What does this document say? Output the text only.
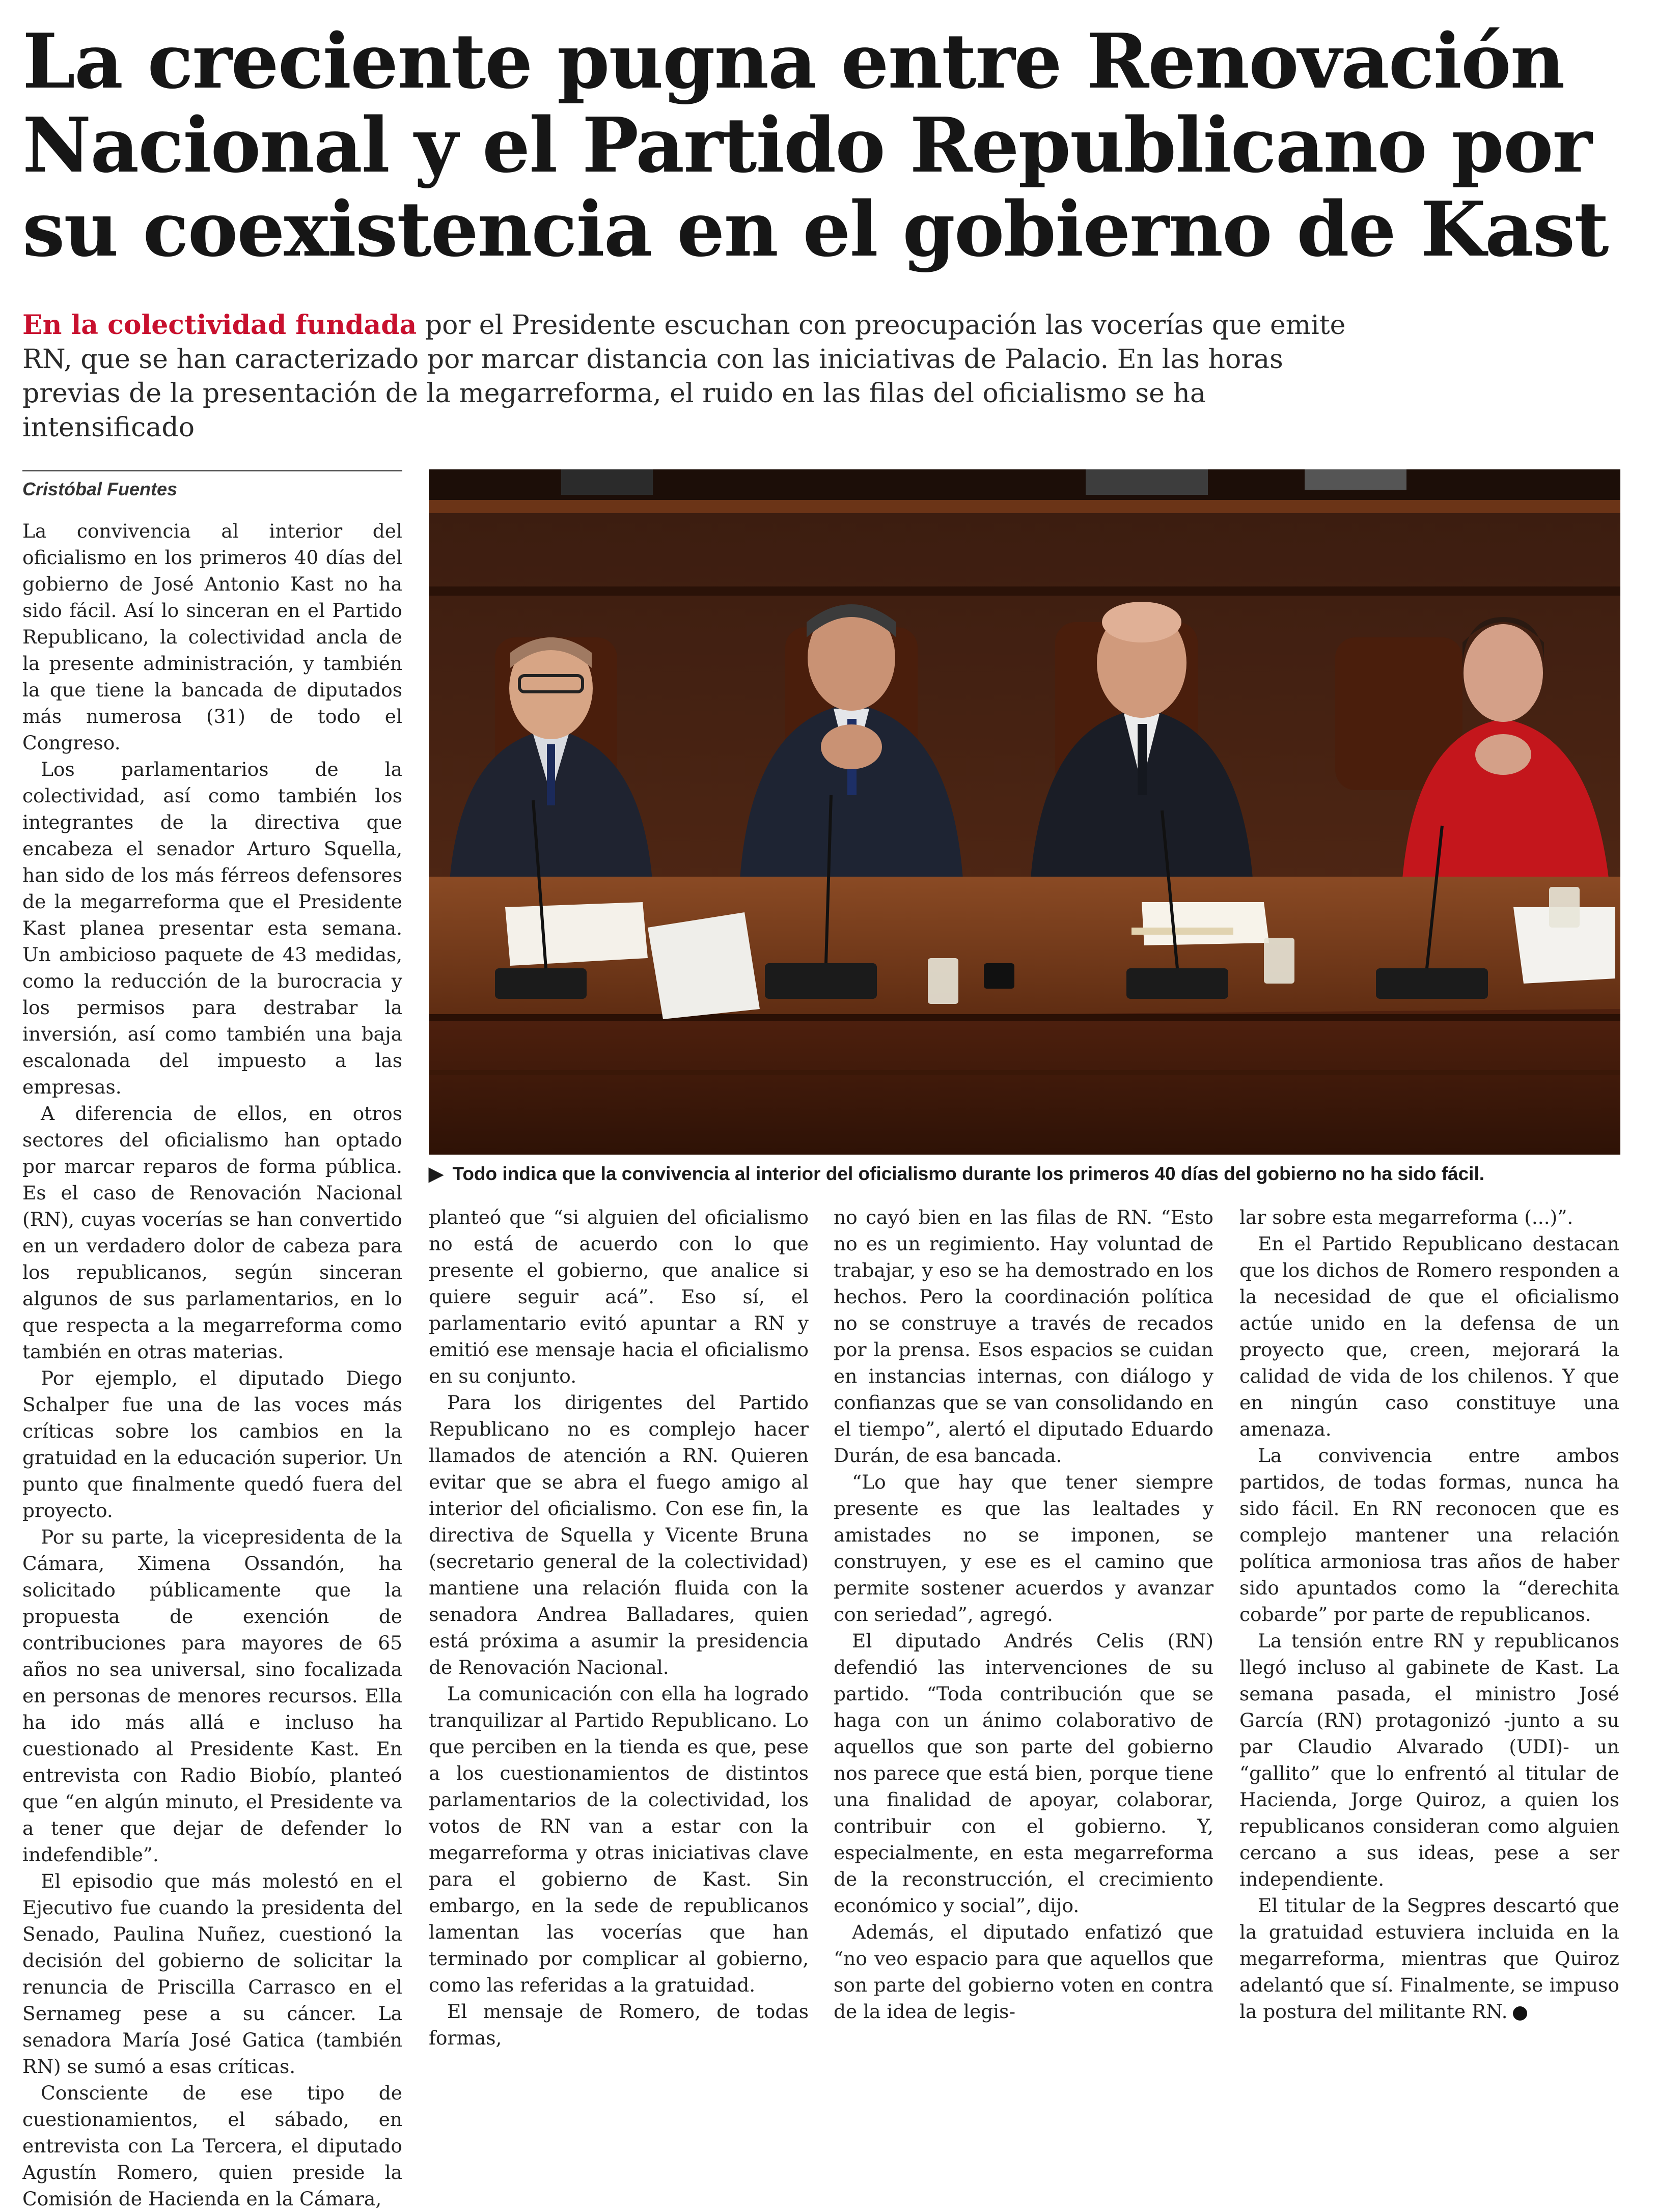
La creciente pugna entre Renovación Nacional y el Partido Republicano por su coexistencia en el gobierno de Kast

En la colectividad fundada por el Presidente escuchan con preocupación las vocerías que emite RN, que se han caracterizado por marcar distancia con las iniciativas de Palacio. En las horas previas de la presentación de la megarreforma, el ruido en las filas del oficialismo se ha intensificado

Cristóbal Fuentes

La convivencia al interior del oficialismo en los primeros 40 días del gobierno de José Antonio Kast no ha sido fácil. Así lo sinceran en el Partido Republicano, la colectividad ancla de la presente administración, y también la que tiene la bancada de diputados más numerosa (31) de todo el Congreso.

Los parlamentarios de la colectividad, así como también los integrantes de la directiva que encabeza el senador Arturo Squella, han sido de los más férreos defensores de la megarreforma que el Presidente Kast planea presentar esta semana. Un ambicioso paquete de 43 medidas, como la reducción de la burocracia y los permisos para destrabar la inversión, así como también una baja escalonada del impuesto a las empresas.

A diferencia de ellos, en otros sectores del oficialismo han optado por marcar reparos de forma pública. Es el caso de Renovación Nacional (RN), cuyas vocerías se han convertido en un verdadero dolor de cabeza para los republicanos, según sinceran algunos de sus parlamentarios, en lo que respecta a la megarreforma como también en otras materias.

Por ejemplo, el diputado Diego Schalper fue una de las voces más críticas sobre los cambios en la gratuidad en la educación superior. Un punto que finalmente quedó fuera del proyecto.

Por su parte, la vicepresidenta de la Cámara, Ximena Ossandón, ha solicitado públicamente que la propuesta de exención de contribuciones para mayores de 65 años no sea universal, sino focalizada en personas de menores recursos. Ella ha ido más allá e incluso ha cuestionado al Presidente Kast. En entrevista con Radio Biobío, planteó que “en algún minuto, el Presidente va a tener que dejar de defender lo indefendible”.

El episodio que más molestó en el Ejecutivo fue cuando la presidenta del Senado, Paulina Nuñez, cuestionó la decisión del gobierno de solicitar la renuncia de Priscilla Carrasco en el Sernameg pese a su cáncer. La senadora María José Gatica (también RN) se sumó a esas críticas.

Consciente de ese tipo de cuestionamientos, el sábado, en entrevista con La Tercera, el diputado Agustín Romero, quien preside la Comisión de Hacienda en la Cámara,

▶ Todo indica que la convivencia al interior del oficialismo durante los primeros 40 días del gobierno no ha sido fácil.

planteó que “si alguien del oficialismo no está de acuerdo con lo que presente el gobierno, que analice si quiere seguir acá”. Eso sí, el parlamentario evitó apuntar a RN y emitió ese mensaje hacia el oficialismo en su conjunto.

Para los dirigentes del Partido Republicano no es complejo hacer llamados de atención a RN. Quieren evitar que se abra el fuego amigo al interior del oficialismo. Con ese fin, la directiva de Squella y Vicente Bruna (secretario general de la colectividad) mantiene una relación fluida con la senadora Andrea Balladares, quien está próxima a asumir la presidencia de Renovación Nacional.

La comunicación con ella ha logrado tranquilizar al Partido Republicano. Lo que perciben en la tienda es que, pese a los cuestionamientos de distintos parlamentarios de la colectividad, los votos de RN van a estar con la megarreforma y otras iniciativas clave para el gobierno de Kast. Sin embargo, en la sede de republicanos lamentan las vocerías que han terminado por complicar al gobierno, como las referidas a la gratuidad.

El mensaje de Romero, de todas formas,

no cayó bien en las filas de RN. “Esto no es un regimiento. Hay voluntad de trabajar, y eso se ha demostrado en los hechos. Pero la coordinación política no se construye a través de recados por la prensa. Esos espacios se cuidan en instancias internas, con diálogo y confianzas que se van consolidando en el tiempo”, alertó el diputado Eduardo Durán, de esa bancada.

“Lo que hay que tener siempre presente es que las lealtades y amistades no se imponen, se construyen, y ese es el camino que permite sostener acuerdos y avanzar con seriedad”, agregó.

El diputado Andrés Celis (RN) defendió las intervenciones de su partido. “Toda contribución que se haga con un ánimo colaborativo de aquellos que son parte del gobierno nos parece que está bien, porque tiene una finalidad de apoyar, colaborar, contribuir con el gobierno. Y, especialmente, en esta megarreforma de la reconstrucción, el crecimiento económico y social”, dijo.

Además, el diputado enfatizó que “no veo espacio para que aquellos que son parte del gobierno voten en contra de la idea de legis-

lar sobre esta megarreforma (...)”.

En el Partido Republicano destacan que los dichos de Romero responden a la necesidad de que el oficialismo actúe unido en la defensa de un proyecto que, creen, mejorará la calidad de vida de los chilenos. Y que en ningún caso constituye una amenaza.

La convivencia entre ambos partidos, de todas formas, nunca ha sido fácil. En RN reconocen que es complejo mantener una relación política armoniosa tras años de haber sido apuntados como la “derechita cobarde” por parte de republicanos.

La tensión entre RN y republicanos llegó incluso al gabinete de Kast. La semana pasada, el ministro José García (RN) protagonizó -junto a su par Claudio Alvarado (UDI)- un “gallito” que lo enfrentó al titular de Hacienda, Jorge Quiroz, a quien los republicanos consideran como alguien cercano a sus ideas, pese a ser independiente.

El titular de la Segpres descartó que la gratuidad estuviera incluida en la megarreforma, mientras que Quiroz adelantó que sí. Finalmente, se impuso la postura del militante RN.
